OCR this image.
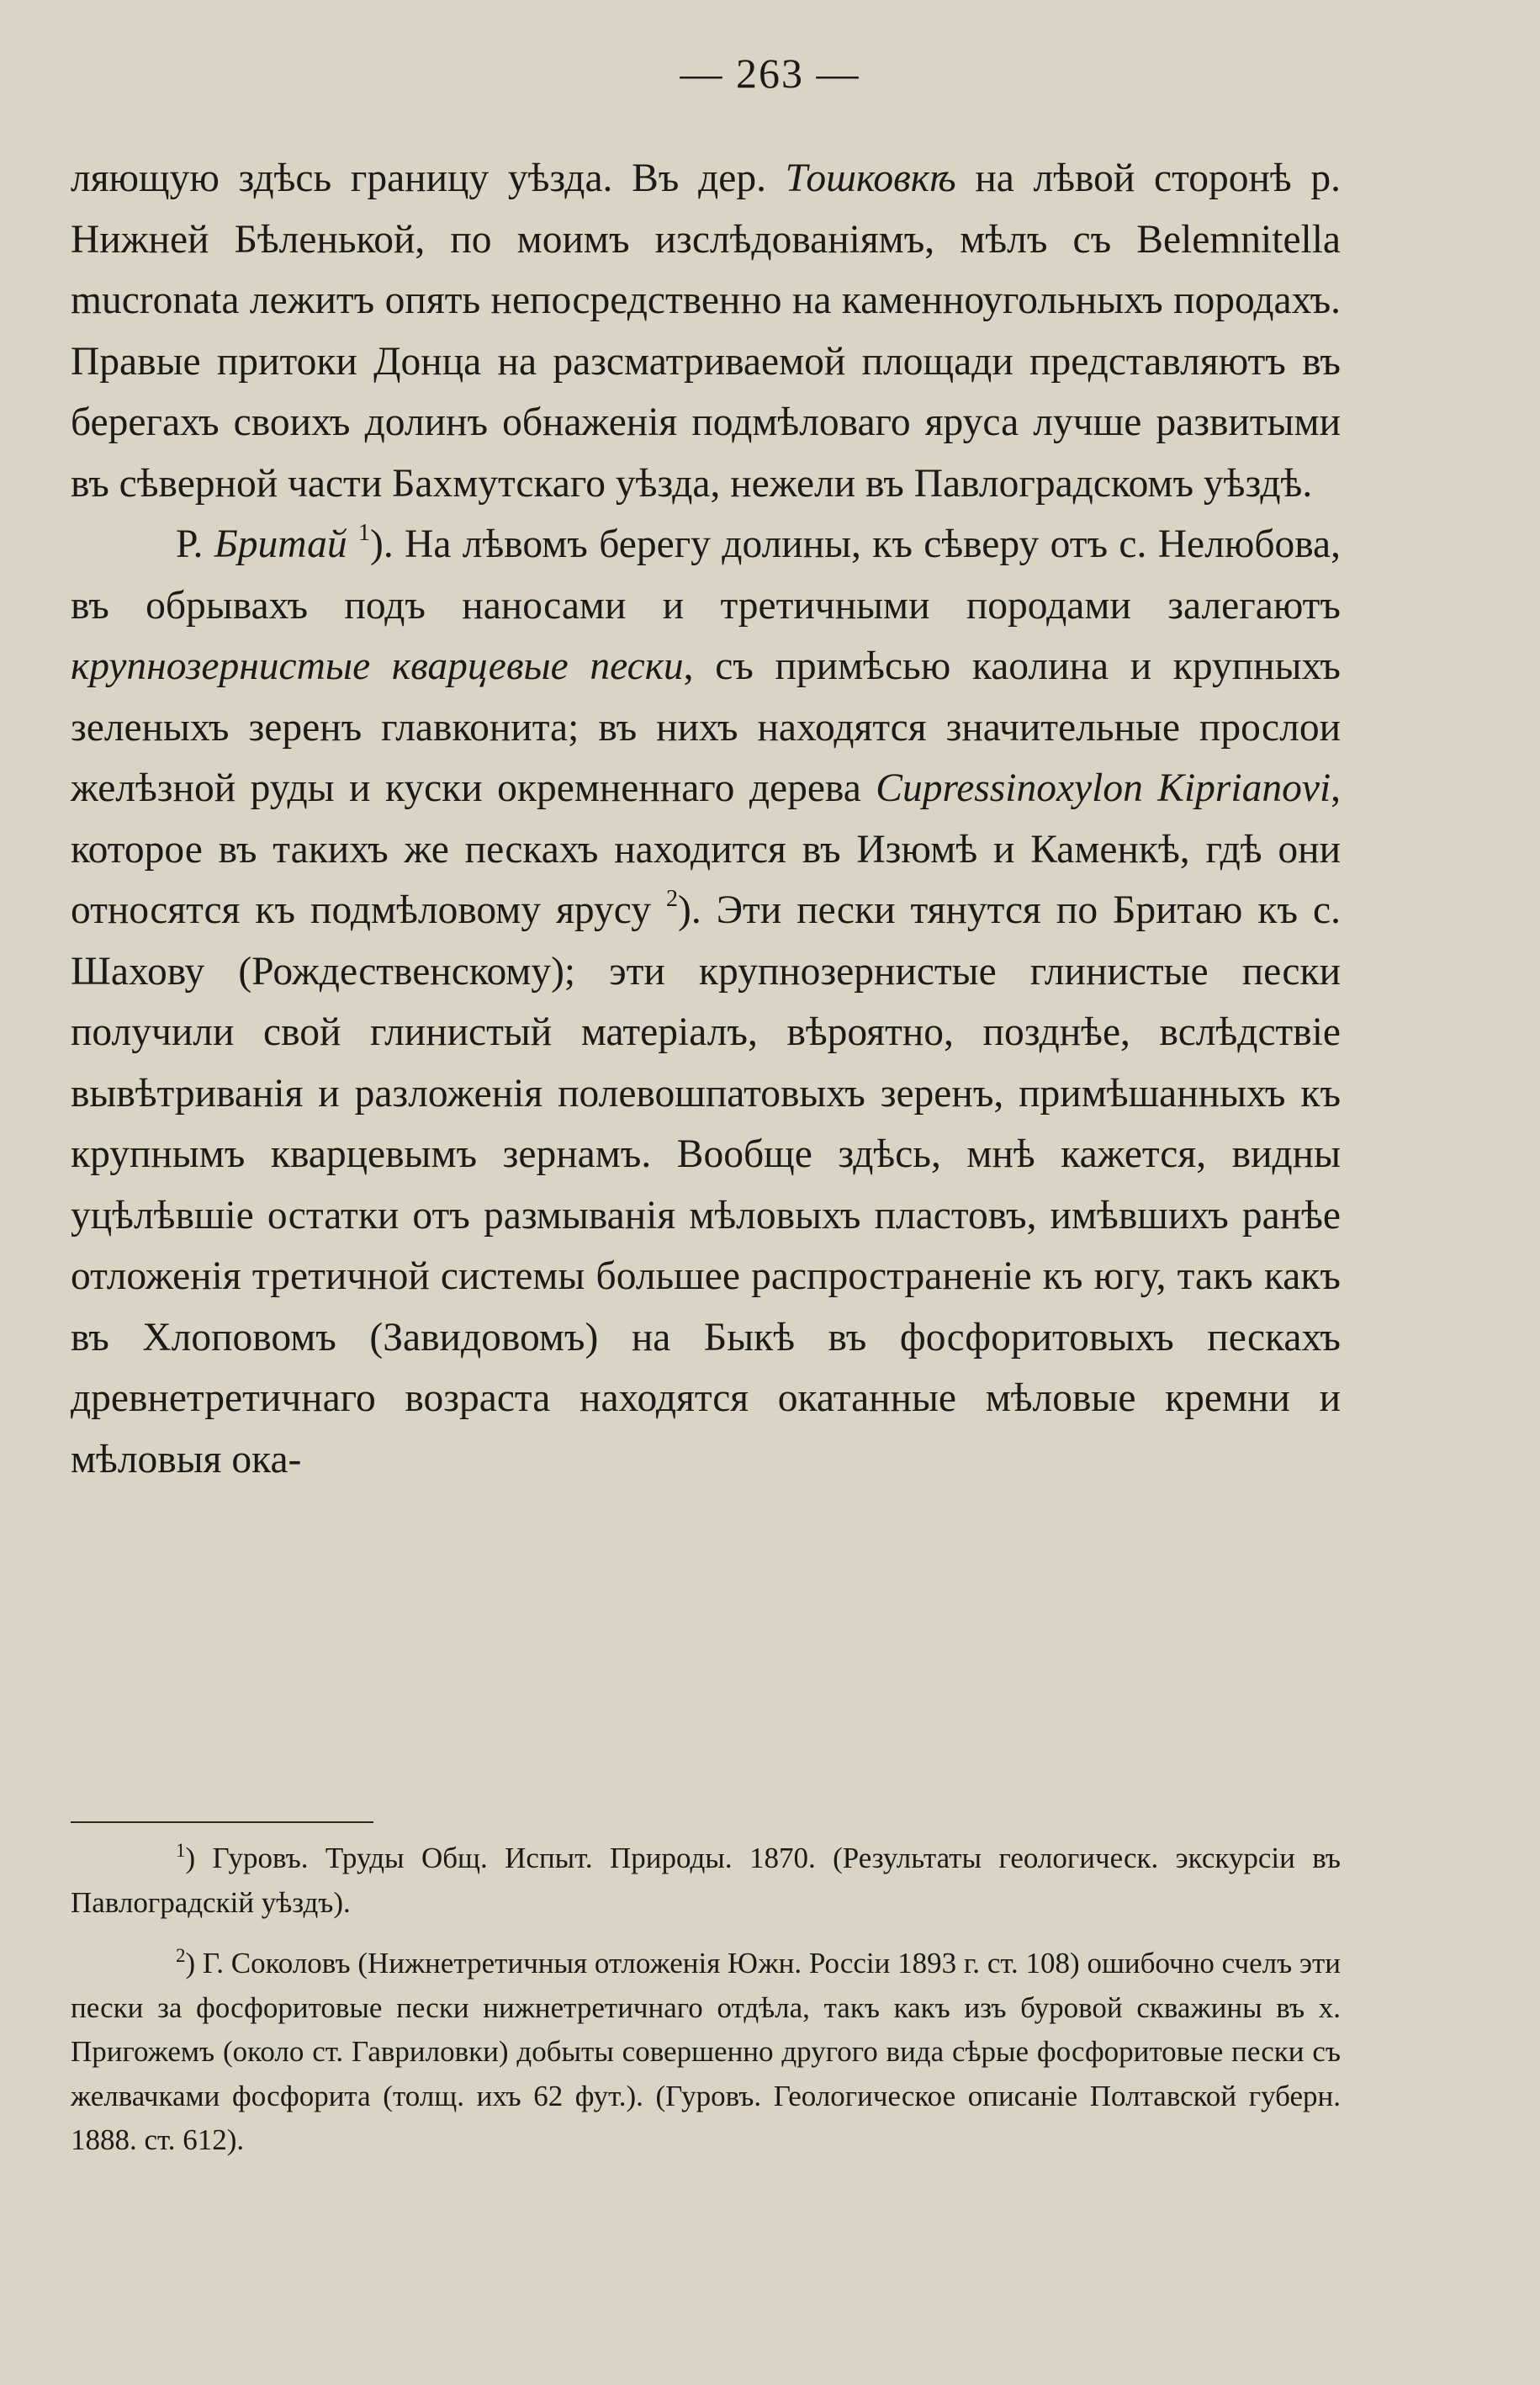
— 263 —

ляющую здѣсь границу уѣзда. Въ дер. Тошковкѣ на лѣвой сторонѣ р. Нижней Бѣленькой, по моимъ изслѣдованіямъ, мѣлъ съ Belemnitella mucronata лежитъ опять непосредственно на каменноугольныхъ породахъ. Правые притоки Донца на разсматриваемой площади представляютъ въ берегахъ своихъ долинъ обнаженія подмѣловаго яруса лучше развитыми въ сѣверной части Бахмутскаго уѣзда, нежели въ Павлоградскомъ уѣздѣ.

Р. Бритай $^1$). На лѣвомъ берегу долины, къ сѣверу отъ с. Нелюбова, въ обрывахъ подъ наносами и третичными породами залегаютъ крупнозернистые кварцевые пески, съ примѣсью каолина и крупныхъ зеленыхъ зеренъ главконита; въ нихъ находятся значительные прослои желѣзной руды и куски окремненнаго дерева Cupressinoxylon Kiprianovi, которое въ такихъ же пескахъ находится въ Изюмѣ и Каменкѣ, гдѣ они относятся къ подмѣловому ярусу $^2$). Эти пески тянутся по Бритаю къ с. Шахову (Рождественскому); эти крупнозернистые глинистые пески получили свой глинистый матеріалъ, вѣроятно, позднѣе, вслѣдствіе вывѣтриванія и разложенія полевошпатовыхъ зеренъ, примѣшанныхъ къ крупнымъ кварцевымъ зернамъ. Вообще здѣсь, мнѣ кажется, видны уцѣлѣвшіе остатки отъ размыванія мѣловыхъ пластовъ, имѣвшихъ ранѣе отложенія третичной системы большее распространеніе къ югу, такъ какъ въ Хлоповомъ (Завидовомъ) на Быкѣ въ фосфоритовыхъ пескахъ древнетретичнаго возраста находятся окатанные мѣловые кремни и мѣловыя ока-

$^1$) Гуровъ. Труды Общ. Испыт. Природы. 1870. (Результаты геологическ. экскурсіи въ Павлоградскій уѣздъ).

$^2$) Г. Соколовъ (Нижнетретичныя отложенія Южн. Россіи 1893 г. ст. 108) ошибочно счелъ эти пески за фосфоритовые пески нижнетретичнаго отдѣла, такъ какъ изъ буровой скважины въ х. Пригожемъ (около ст. Гавриловки) добыты совершенно другого вида сѣрые фосфоритовые пески съ желвачками фосфорита (толщ. ихъ 62 фут.). (Гуровъ. Геологическое описаніе Полтавской губерн. 1888. ст. 612).
